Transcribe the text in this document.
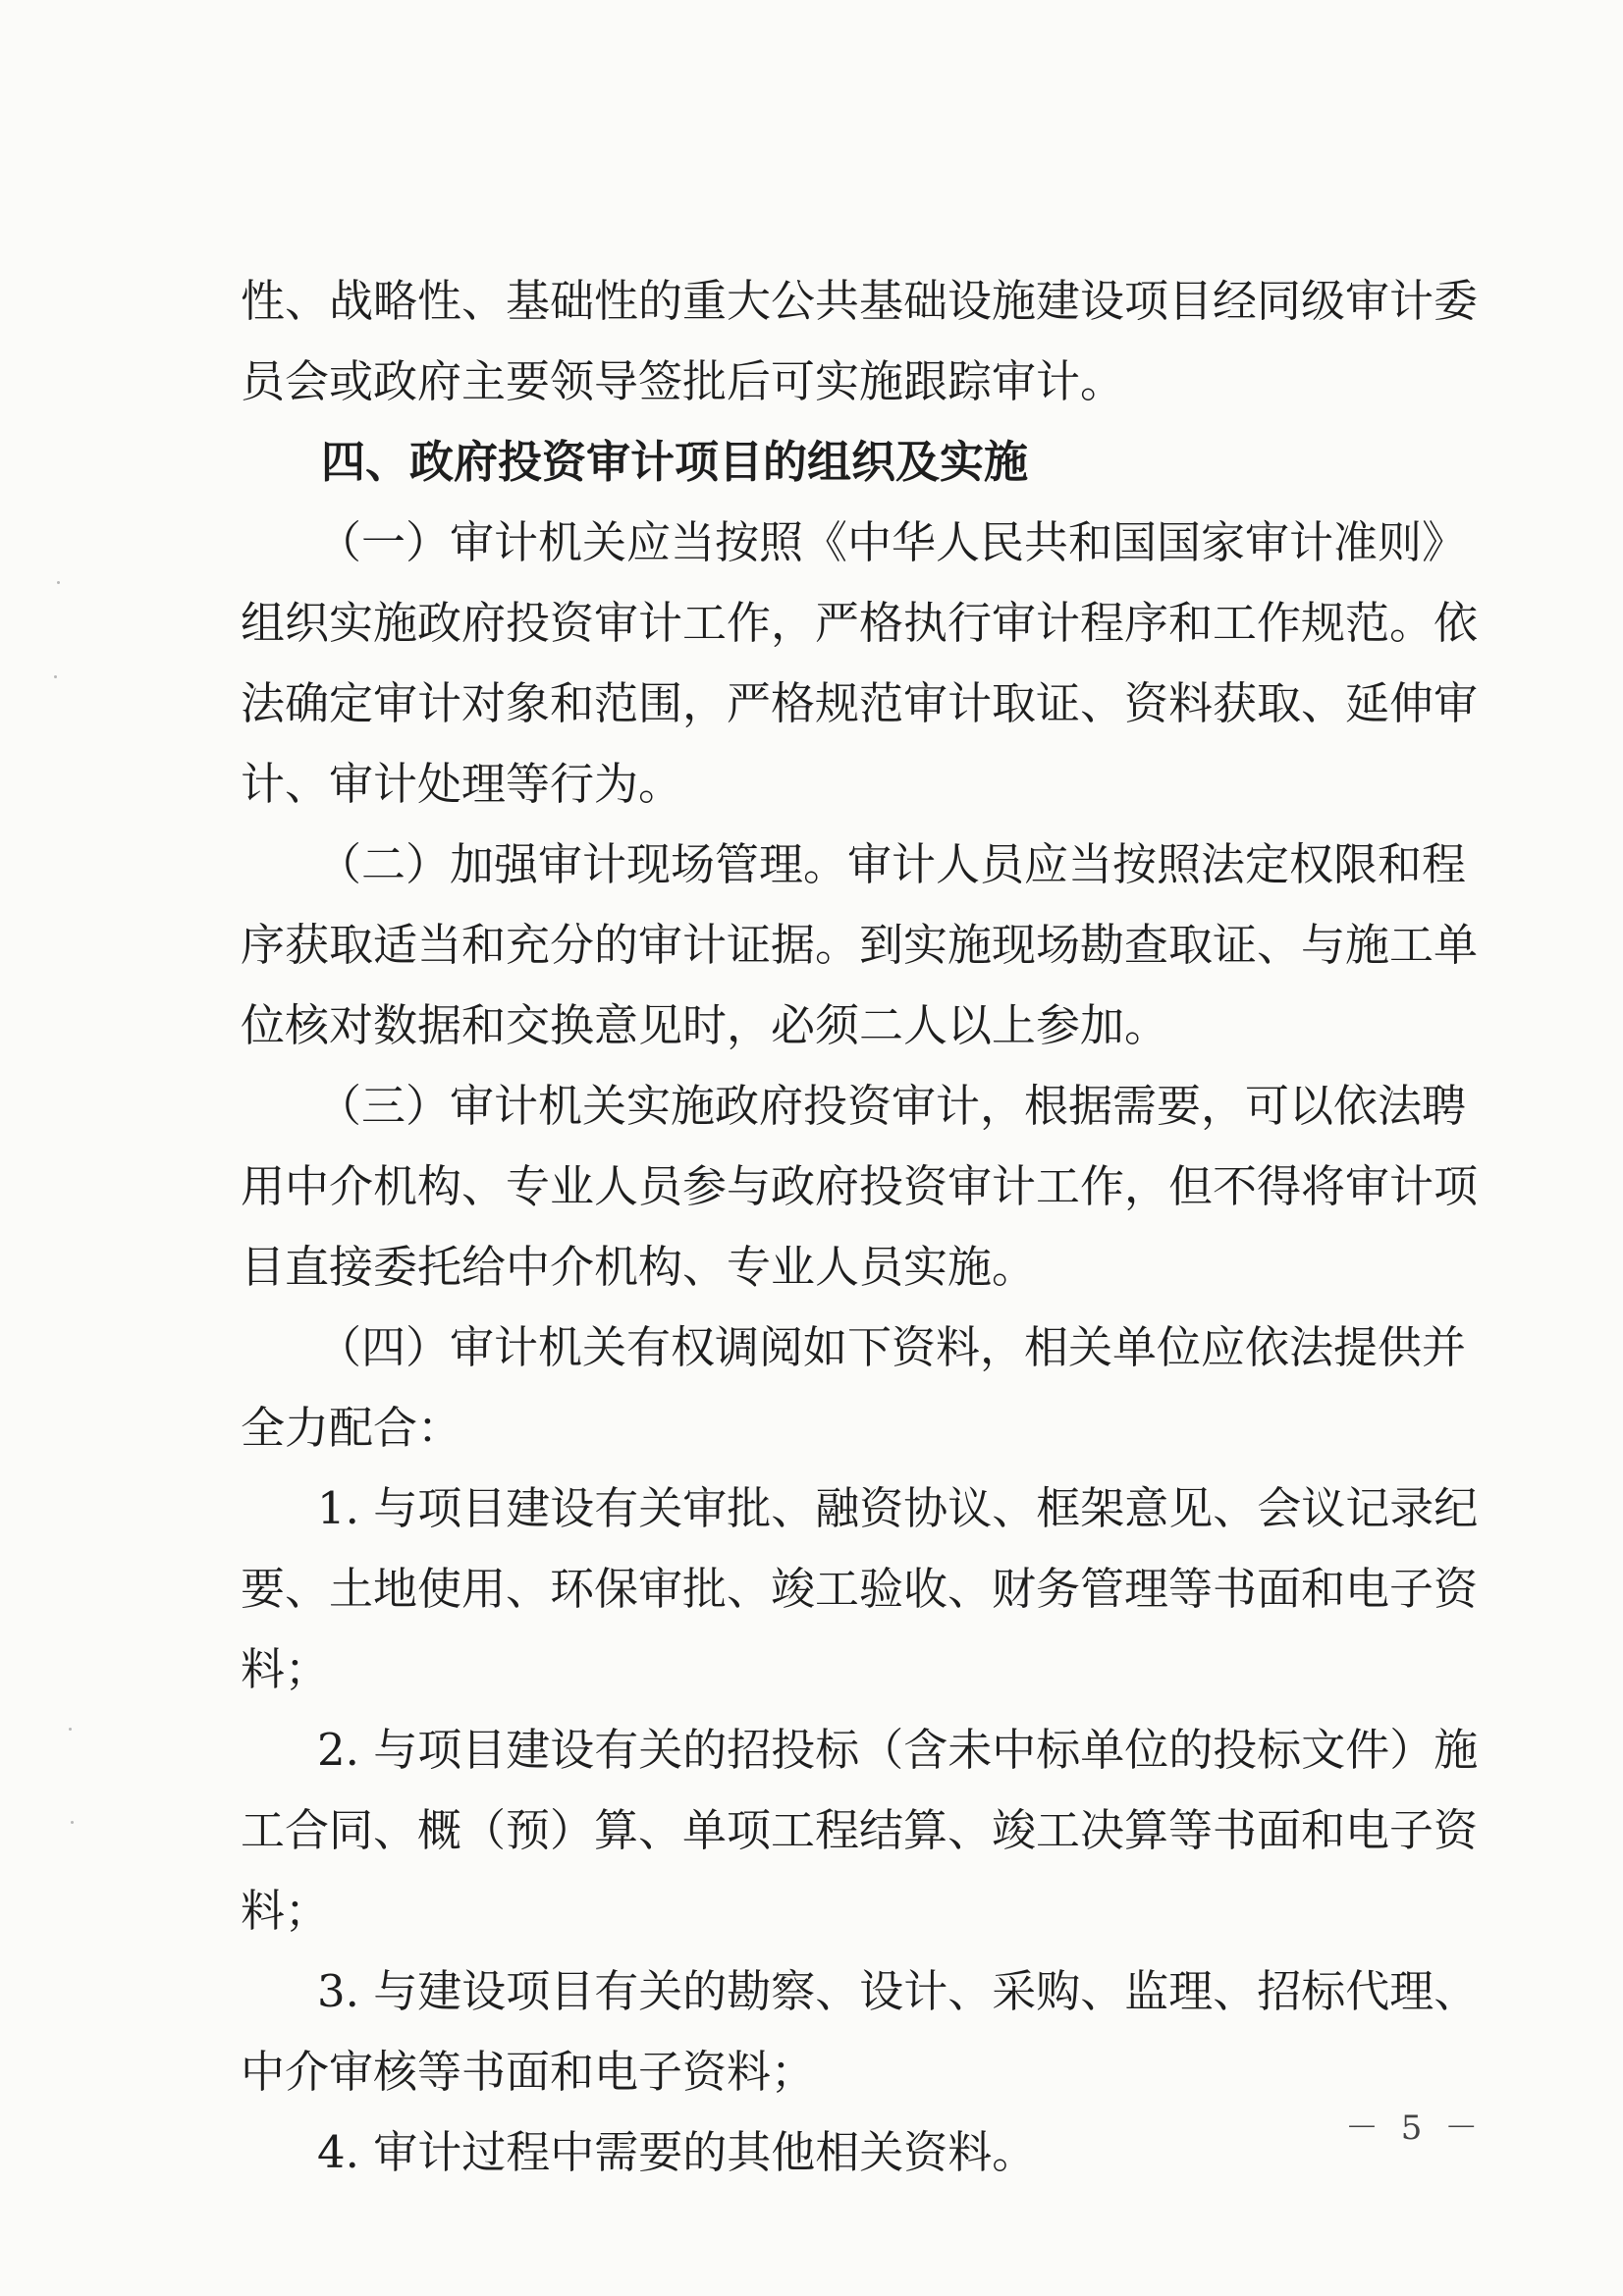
性、战略性、基础性的重大公共基础设施建设项目经同级审计委
员会或政府主要领导签批后可实施跟踪审计。
四、政府投资审计项目的组织及实施
（一）审计机关应当按照《中华人民共和国国家审计准则》
组织实施政府投资审计工作，严格执行审计程序和工作规范。依
法确定审计对象和范围，严格规范审计取证、资料获取、延伸审
计、审计处理等行为。
（二）加强审计现场管理。审计人员应当按照法定权限和程
序获取适当和充分的审计证据。到实施现场勘查取证、与施工单
位核对数据和交换意见时，必须二人以上参加。
（三）审计机关实施政府投资审计，根据需要，可以依法聘
用中介机构、专业人员参与政府投资审计工作，但不得将审计项
目直接委托给中介机构、专业人员实施。
（四）审计机关有权调阅如下资料，相关单位应依法提供并
全力配合：
1. 与项目建设有关审批、融资协议、框架意见、会议记录纪
要、土地使用、环保审批、竣工验收、财务管理等书面和电子资
料；
2. 与项目建设有关的招投标（含未中标单位的投标文件）施
工合同、概（预）算、单项工程结算、竣工决算等书面和电子资
料；
3. 与建设项目有关的勘察、设计、采购、监理、招标代理、
中介审核等书面和电子资料；
4. 审计过程中需要的其他相关资料。	－ 5 －
